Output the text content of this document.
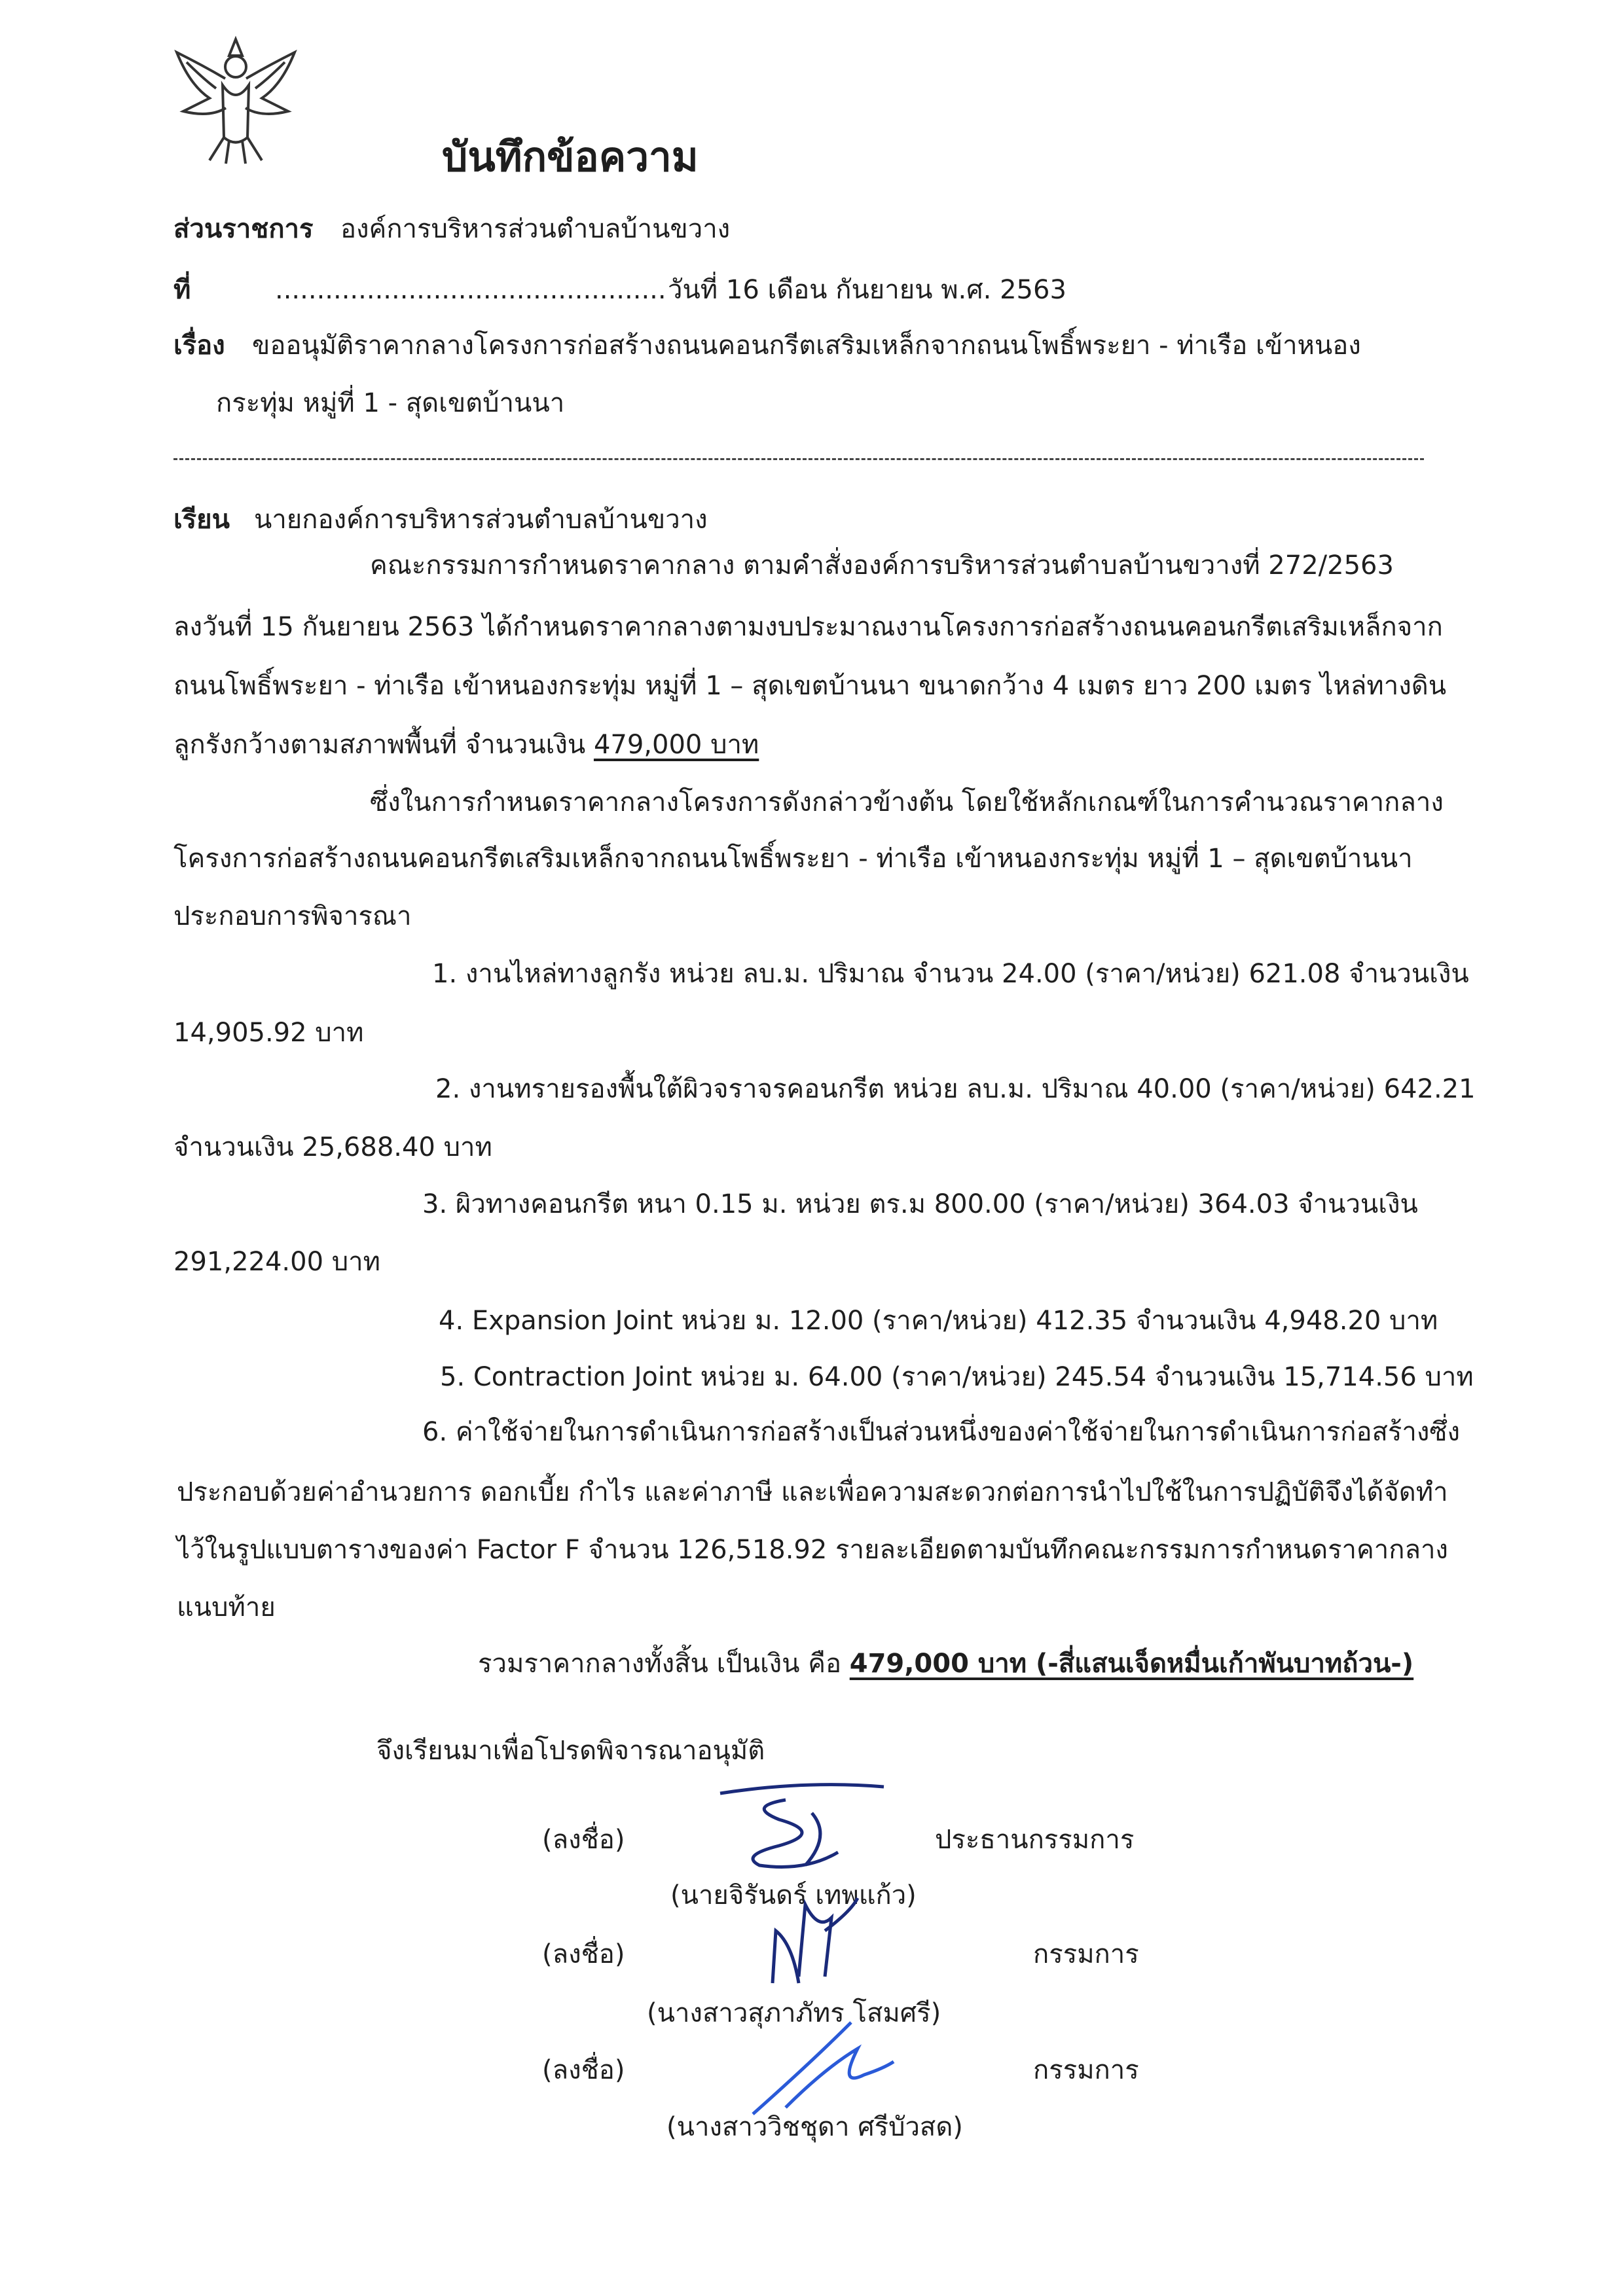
บันทึกข้อความ
ส่วนราชการ องค์การบริหารส่วนตำบลบ้านขวาง
ที่	............................................... วันที่ 16 เดือน กันยายน พ.ศ. 2563
เรื่อง ขออนุมัติราคากลางโครงการก่อสร้างถนนคอนกรีตเสริมเหล็กจากถนนโพธิ์พระยา - ท่าเรือ เข้าหนอง
กระทุ่ม หมู่ที่ 1 - สุดเขตบ้านนา
เรียน นายกองค์การบริหารส่วนตำบลบ้านขวาง
คณะกรรมการกำหนดราคากลาง ตามคำสั่งองค์การบริหารส่วนตำบลบ้านขวางที่ 272/2563
ลงวันที่ 15 กันยายน 2563 ได้กำหนดราคากลางตามงบประมาณงานโครงการก่อสร้างถนนคอนกรีตเสริมเหล็กจาก
ถนนโพธิ์พระยา - ท่าเรือ เข้าหนองกระทุ่ม หมู่ที่ 1 – สุดเขตบ้านนา ขนาดกว้าง 4 เมตร ยาว 200 เมตร ไหล่ทางดิน
ลูกรังกว้างตามสภาพพื้นที่ จำนวนเงิน 479,000 บาท
ซึ่งในการกำหนดราคากลางโครงการดังกล่าวข้างต้น โดยใช้หลักเกณฑ์ในการคำนวณราคากลาง
โครงการก่อสร้างถนนคอนกรีตเสริมเหล็กจากถนนโพธิ์พระยา - ท่าเรือ เข้าหนองกระทุ่ม หมู่ที่ 1 – สุดเขตบ้านนา
ประกอบการพิจารณา
1. งานไหล่ทางลูกรัง หน่วย ลบ.ม. ปริมาณ จำนวน 24.00 (ราคา/หน่วย) 621.08 จำนวนเงิน
14,905.92 บาท
2. งานทรายรองพื้นใต้ผิวจราจรคอนกรีต หน่วย ลบ.ม. ปริมาณ 40.00 (ราคา/หน่วย) 642.21
จำนวนเงิน 25,688.40 บาท
3. ผิวทางคอนกรีต หนา 0.15 ม. หน่วย ตร.ม 800.00 (ราคา/หน่วย) 364.03 จำนวนเงิน
291,224.00 บาท
4. Expansion Joint หน่วย ม. 12.00 (ราคา/หน่วย) 412.35 จำนวนเงิน 4,948.20 บาท
5. Contraction Joint หน่วย ม. 64.00 (ราคา/หน่วย) 245.54 จำนวนเงิน 15,714.56 บาท
6. ค่าใช้จ่ายในการดำเนินการก่อสร้างเป็นส่วนหนึ่งของค่าใช้จ่ายในการดำเนินการก่อสร้างซึ่ง
ประกอบด้วยค่าอำนวยการ ดอกเบี้ย กำไร และค่าภาษี และเพื่อความสะดวกต่อการนำไปใช้ในการปฏิบัติจึงได้จัดทำ
ไว้ในรูปแบบตารางของค่า Factor F จำนวน 126,518.92 รายละเอียดตามบันทึกคณะกรรมการกำหนดราคากลาง
แนบท้าย
รวมราคากลางทั้งสิ้น เป็นเงิน คือ 479,000 บาท (-สี่แสนเจ็ดหมื่นเก้าพันบาทถ้วน-)
จึงเรียนมาเพื่อโปรดพิจารณาอนุมัติ
(ลงชื่อ)	ประธานกรรมการ
(นายจิรันดร์ เทพแก้ว)
(ลงชื่อ)	กรรมการ
(นางสาวสุภาภัทร โสมศรี)
(ลงชื่อ)	กรรมการ
(นางสาววิชชุดา ศรีบัวสด)
